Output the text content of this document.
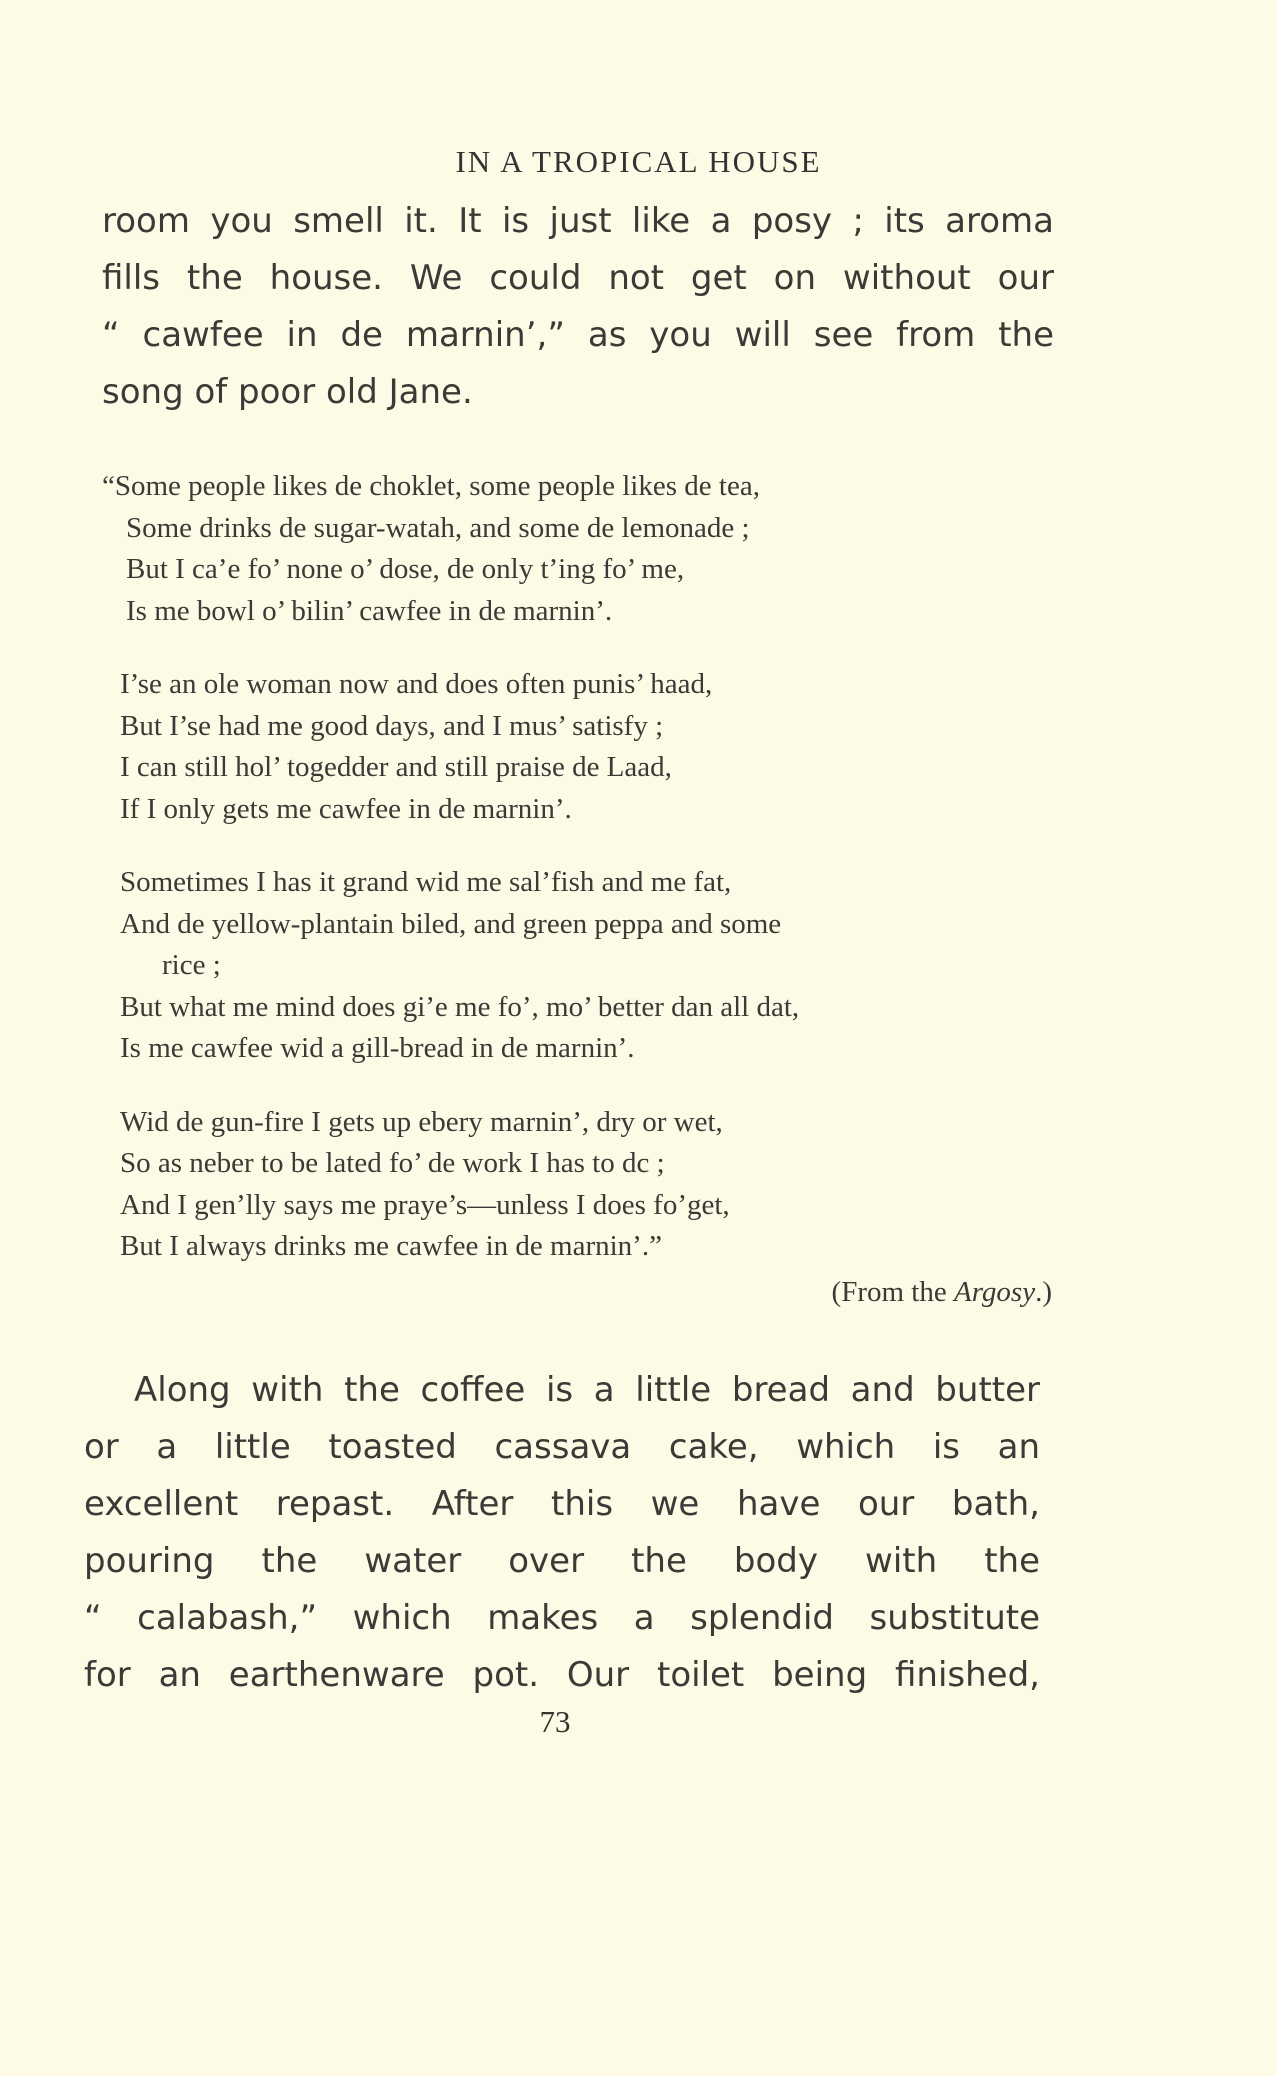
IN A TROPICAL HOUSE
room you smell it. It is just like a posy ; its aroma
fills the house. We could not get on without our
“ cawfee in de marnin’,” as you will see from the
song of poor old Jane.
“Some people likes de choklet, some people likes de tea,
Some drinks de sugar-watah, and some de lemonade ;
But I ca’e fo’ none o’ dose, de only t’ing fo’ me,
Is me bowl o’ bilin’ cawfee in de marnin’.
I’se an ole woman now and does often punis’ haad,
But I’se had me good days, and I mus’ satisfy ;
I can still hol’ togedder and still praise de Laad,
If I only gets me cawfee in de marnin’.
Sometimes I has it grand wid me sal’fish and me fat,
And de yellow-plantain biled, and green peppa and some
rice ;
But what me mind does gi’e me fo’, mo’ better dan all dat,
Is me cawfee wid a gill-bread in de marnin’.
Wid de gun-fire I gets up ebery marnin’, dry or wet,
So as neber to be lated fo’ de work I has to dc ;
And I gen’lly says me praye’s—unless I does fo’get,
But I always drinks me cawfee in de marnin’.”
(From the Argosy.)
Along with the coffee is a little bread and butter
or a little toasted cassava cake, which is an
excellent repast. After this we have our bath,
pouring the water over the body with the
“ calabash,” which makes a splendid substitute
for an earthenware pot. Our toilet being finished,
73
